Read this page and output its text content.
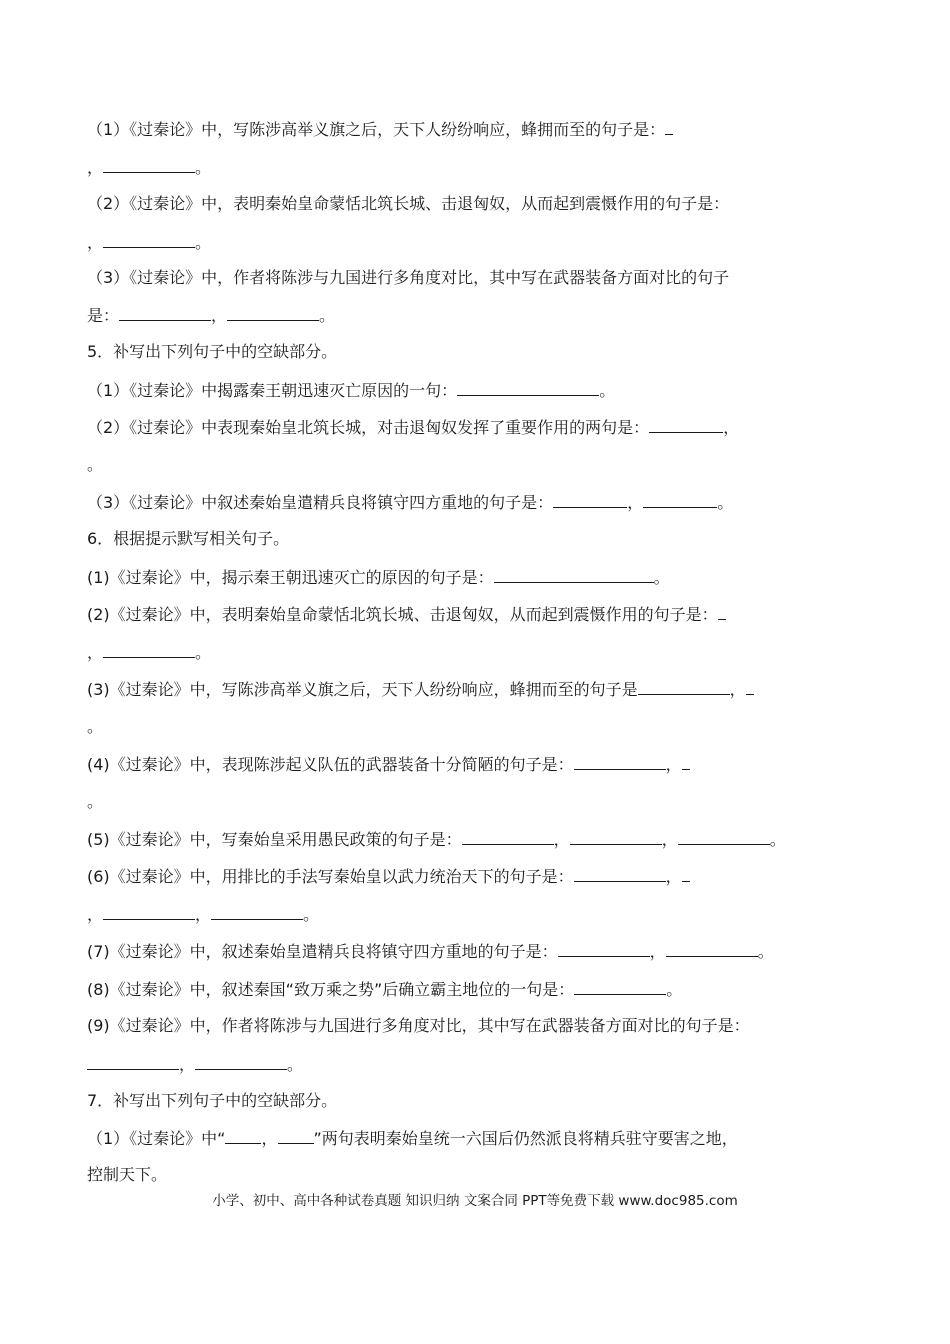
（1）《过秦论》中，写陈涉高举义旗之后，天下人纷纷响应，蜂拥而至的句子是：
，	。
（2）《过秦论》中，表明秦始皇命蒙恬北筑长城、击退匈奴，从而起到震慑作用的句子是：
，	。
（3）《过秦论》中，作者将陈涉与九国进行多角度对比，其中写在武器装备方面对比的句子
是：	，	。
5．补写出下列句子中的空缺部分。
（1）《过秦论》中揭露秦王朝迅速灭亡原因的一句：	。
（2）《过秦论》中表现秦始皇北筑长城，对击退匈奴发挥了重要作用的两句是：	，
。
（3）《过秦论》中叙述秦始皇遣精兵良将镇守四方重地的句子是：	，	。
6．根据提示默写相关句子。
(1)《过秦论》中，揭示秦王朝迅速灭亡的原因的句子是：	。
(2)《过秦论》中，表明秦始皇命蒙恬北筑长城、击退匈奴，从而起到震慑作用的句子是：
，	。
(3)《过秦论》中，写陈涉高举义旗之后，天下人纷纷响应，蜂拥而至的句子是	，
。
(4)《过秦论》中，表现陈涉起义队伍的武器装备十分简陋的句子是：	，
。
(5)《过秦论》中，写秦始皇采用愚民政策的句子是：	，	，	。
(6)《过秦论》中，用排比的手法写秦始皇以武力统治天下的句子是：	，
，	，	。
(7)《过秦论》中，叙述秦始皇遣精兵良将镇守四方重地的句子是：	，	。
(8)《过秦论》中，叙述秦国“致万乘之势”后确立霸主地位的一句是：	。
(9)《过秦论》中，作者将陈涉与九国进行多角度对比，其中写在武器装备方面对比的句子是：
，	。
7．补写出下列句子中的空缺部分。
（1）《过秦论》中“ ， ”两句表明秦始皇统一六国后仍然派良将精兵驻守要害之地，
控制天下。
小学、初中、高中各种试卷真题 知识归纳 文案合同 PPT等免费下载 www.doc985.com
